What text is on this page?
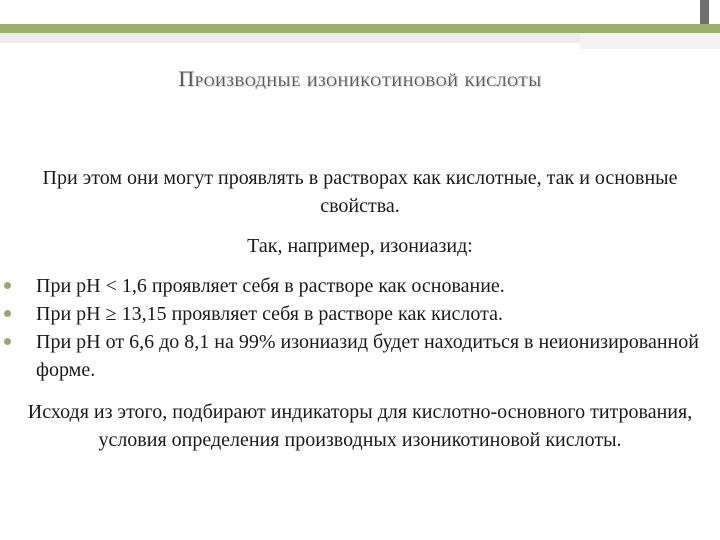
Производные изоникотиновой кислоты
При этом они могут проявлять в растворах как кислотные, так и основные свойства.
Так, например, изониазид:
При рН < 1,6 проявляет себя в растворе как основание.
При рН ≥ 13,15 проявляет себя в растворе как кислота.
При рН от 6,6 до 8,1 на 99% изониазид будет находиться в неионизированной форме.
Исходя из этого, подбирают индикаторы для кислотно-основного титрования, условия определения производных изоникотиновой кислоты.
